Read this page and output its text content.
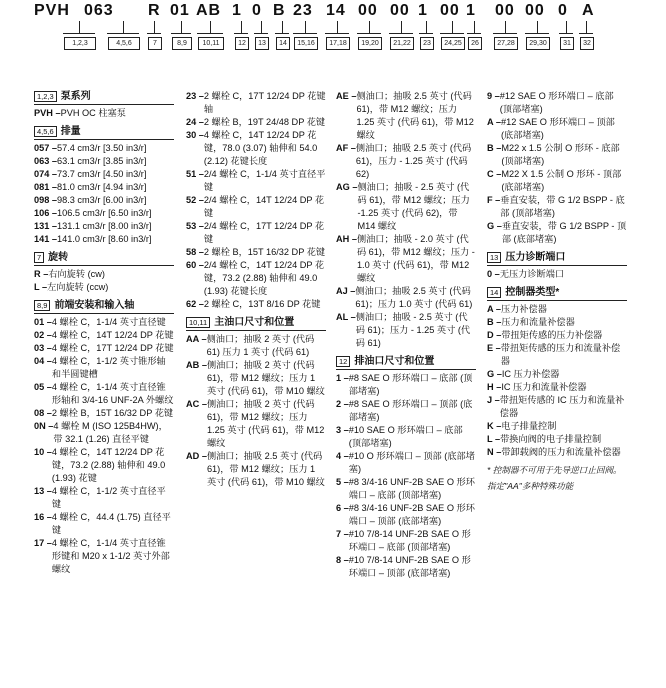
PVH 063 R 01 AB 1 0 B 23 14 00 00 1 00 1 00 00 0 A
1,2,3	4,5,6	7	8,9	10,11	12	13	14	15,16	17,18	19,20	21,22	23	24,25	26	27,28	29,30	31	32
1,2,3 泵系列
PVH – PVH OC 柱塞泵
4,5,6 排量
057 – 57.4 cm3/r [3.50 in3/r]
063 – 63.1 cm3/r [3.85 in3/r]
074 – 73.7 cm3/r [4.50 in3/r]
081 – 81.0 cm3/r [4.94 in3/r]
098 – 98.3 cm3/r [6.00 in3/r]
106 – 106.5 cm3/r [6.50 in3/r]
131 – 131.1 cm3/r [8.00 in3/r]
141 – 141.0 cm3/r [8.60 in3/r]
7 旋转
R – 右向旋转 (cw)
L – 左向旋转 (ccw)
8,9 前端安装和输入轴
01 – 4 螺栓 C，1-1/4 英寸直径键
02 – 4 螺栓 C，14T 12/24 DP 花键
03 – 4 螺栓 C，17T 12/24 DP 花键
04 – 4 螺栓 C，1-1/2 英寸锥形轴和半圆键槽
05 – 4 螺栓 C，1-1/4 英寸直径锥形轴和 3/4-16 UNF-2A 外螺纹
08 – 2 螺栓 B，15T 16/32 DP 花键
0N – 4 螺栓 M (ISO 125B4HW)，带 32.1 (1.26) 直径平键
10 – 4 螺栓 C，14T 12/24 DP 花键，73.2 (2.88) 轴伸和 49.0 (1.93) 花键
13 – 4 螺栓 C，1-1/2 英寸直径平键
16 – 4 螺栓 C，44.4 (1.75) 直径平键
17 – 4 螺栓 C，1-1/4 英寸直径锥形键和 M20 x 1-1/2 英寸外部螺纹
23 – 2 螺栓 C，17T 12/24 DP 花键轴
24 – 2 螺栓 B，19T 24/48 DP 花键
30 – 4 螺栓 C，14T 12/24 DP 花键，78.0 (3.07) 轴伸和 54.0 (2.12) 花键长度
51 – 2/4 螺栓 C，1-1/4 英寸直径平键
52 – 2/4 螺栓 C，14T 12/24 DP 花键
53 – 2/4 螺栓 C，17T 12/24 DP 花键
58 – 2 螺栓 B，15T 16/32 DP 花键
60 – 2/4 螺栓 C，14T 12/24 DP 花键，73.2 (2.88) 轴伸和 49.0 (1.93) 花键长度
62 – 2 螺栓 C，13T 8/16 DP 花键
10,11 主油口尺寸和位置
AA – 侧油口；抽吸 2 英寸 (代码 61) 压力 1 英寸 (代码 61)
AB – 侧油口；抽吸 2 英寸 (代码 61)，带 M12 螺纹；压力 1 英寸 (代码 61)，带 M10 螺纹
AC – 侧油口；抽吸 2 英寸 (代码 61)，带 M12 螺纹；压力 1.25 英寸 (代码 61)，带 M12 螺纹
AD – 侧油口；抽吸 2.5 英寸 (代码 61)，带 M12 螺纹；压力 1 英寸 (代码 61)，带 M10 螺纹
AE – 侧油口；抽吸 2.5 英寸 (代码 61)，带 M12 螺纹；压力 1.25 英寸 (代码 61)，带 M12 螺纹
AF – 侧油口；抽吸 2.5 英寸 (代码 61)，压力 - 1.25 英寸 (代码 62)
AG – 侧油口；抽吸 - 2.5 英寸 (代码 61)，带 M12 螺纹；压力 -1.25 英寸 (代码 62)，带 M14 螺纹
AH – 侧油口；抽吸 - 2.0 英寸 (代码 61)，带 M12 螺纹；压力 - 1.0 英寸 (代码 61)，带 M12 螺纹
AJ – 侧油口；抽吸 2.5 英寸 (代码 61)；压力 1.0 英寸 (代码 61)
AL – 侧油口；抽吸 - 2.5 英寸 (代码 61)；压力 - 1.25 英寸 (代码 61)
12 排油口尺寸和位置
1 – #8 SAE O 形环端口 – 底部 (顶部堵塞)
2 – #8 SAE O 形环端口 – 顶部 (底部堵塞)
3 – #10 SAE O 形环端口 – 底部 (顶部堵塞)
4 – #10 O 形环端口 – 顶部 (底部堵塞)
5 – #8 3/4-16 UNF-2B SAE O 形环端口 – 底部 (顶部堵塞)
6 – #8 3/4-16 UNF-2B SAE O 形环端口 – 顶部 (底部堵塞)
7 – #10 7/8-14 UNF-2B SAE O 形环端口 – 底部 (顶部堵塞)
8 – #10 7/8-14 UNF-2B SAE O 形环端口 – 顶部 (底部堵塞)
9 – #12 SAE O 形环端口 – 底部 (顶部堵塞)
A – #12 SAE O 形环端口 – 顶部 (底部堵塞)
B – M22 x 1.5 公制 O 形环 - 底部 (顶部堵塞)
C – M22 X 1.5 公制 O 形环 - 顶部 (底部堵塞)
F – 垂直安装，带 G 1/2 BSPP - 底部 (顶部堵塞)
G – 垂直安装，带 G 1/2 BSPP - 顶部 (底部堵塞)
13 压力诊断端口
0 – 无压力诊断端口
14 控制器类型*
A – 压力补偿器
B – 压力和流量补偿器
D – 带扭矩传感的压力补偿器
E – 带扭矩传感的压力和流量补偿器
G – IC 压力补偿器
H – IC 压力和流量补偿器
J – 带扭矩传感的 IC 压力和流量补偿器
K – 电子排量控制
L – 带换向阀的电子排量控制
N – 带卸载阀的压力和流量补偿器
* 控制器不可用于先导逆口止回阀。
指定"AA"多种特殊功能
